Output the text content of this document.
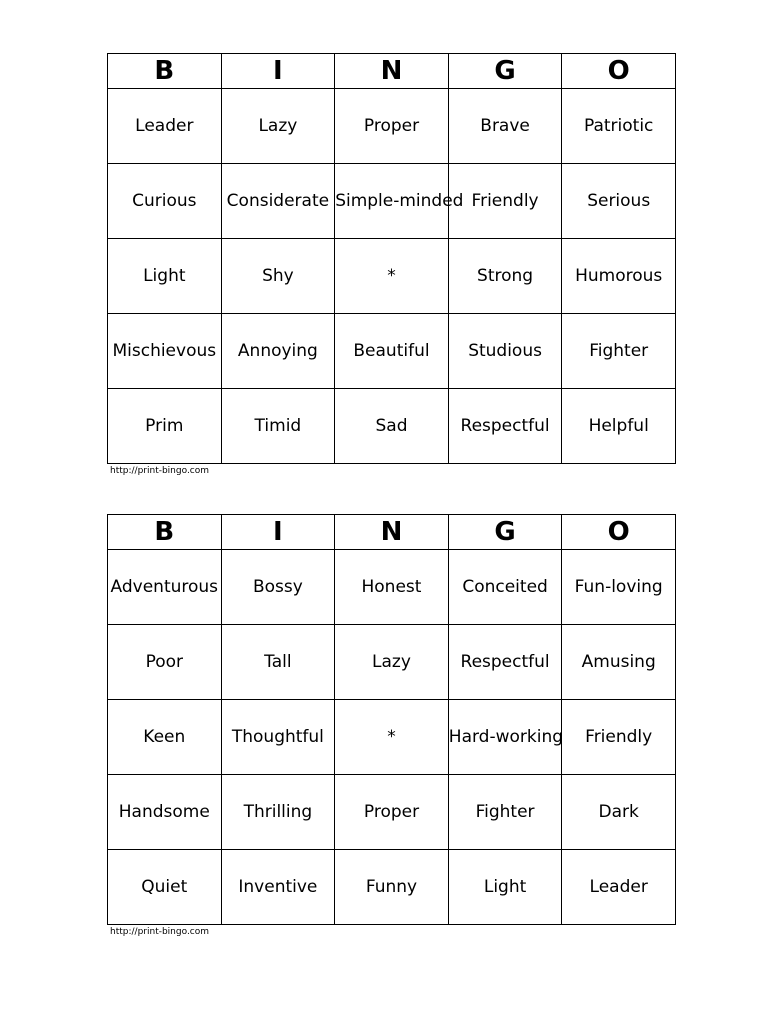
B	I	N	G	O
Leader	Lazy	Proper	Brave	Patriotic
Curious	Considerate	Simple-minded	Friendly	Serious
Light	Shy	*	Strong	Humorous
Mischievous	Annoying	Beautiful	Studious	Fighter
Prim	Timid	Sad	Respectful	Helpful
http://print-bingo.com
B	I	N	G	O
Adventurous	Bossy	Honest	Conceited	Fun-loving
Poor	Tall	Lazy	Respectful	Amusing
Keen	Thoughtful	*	Hard-working	Friendly
Handsome	Thrilling	Proper	Fighter	Dark
Quiet	Inventive	Funny	Light	Leader
http://print-bingo.com
